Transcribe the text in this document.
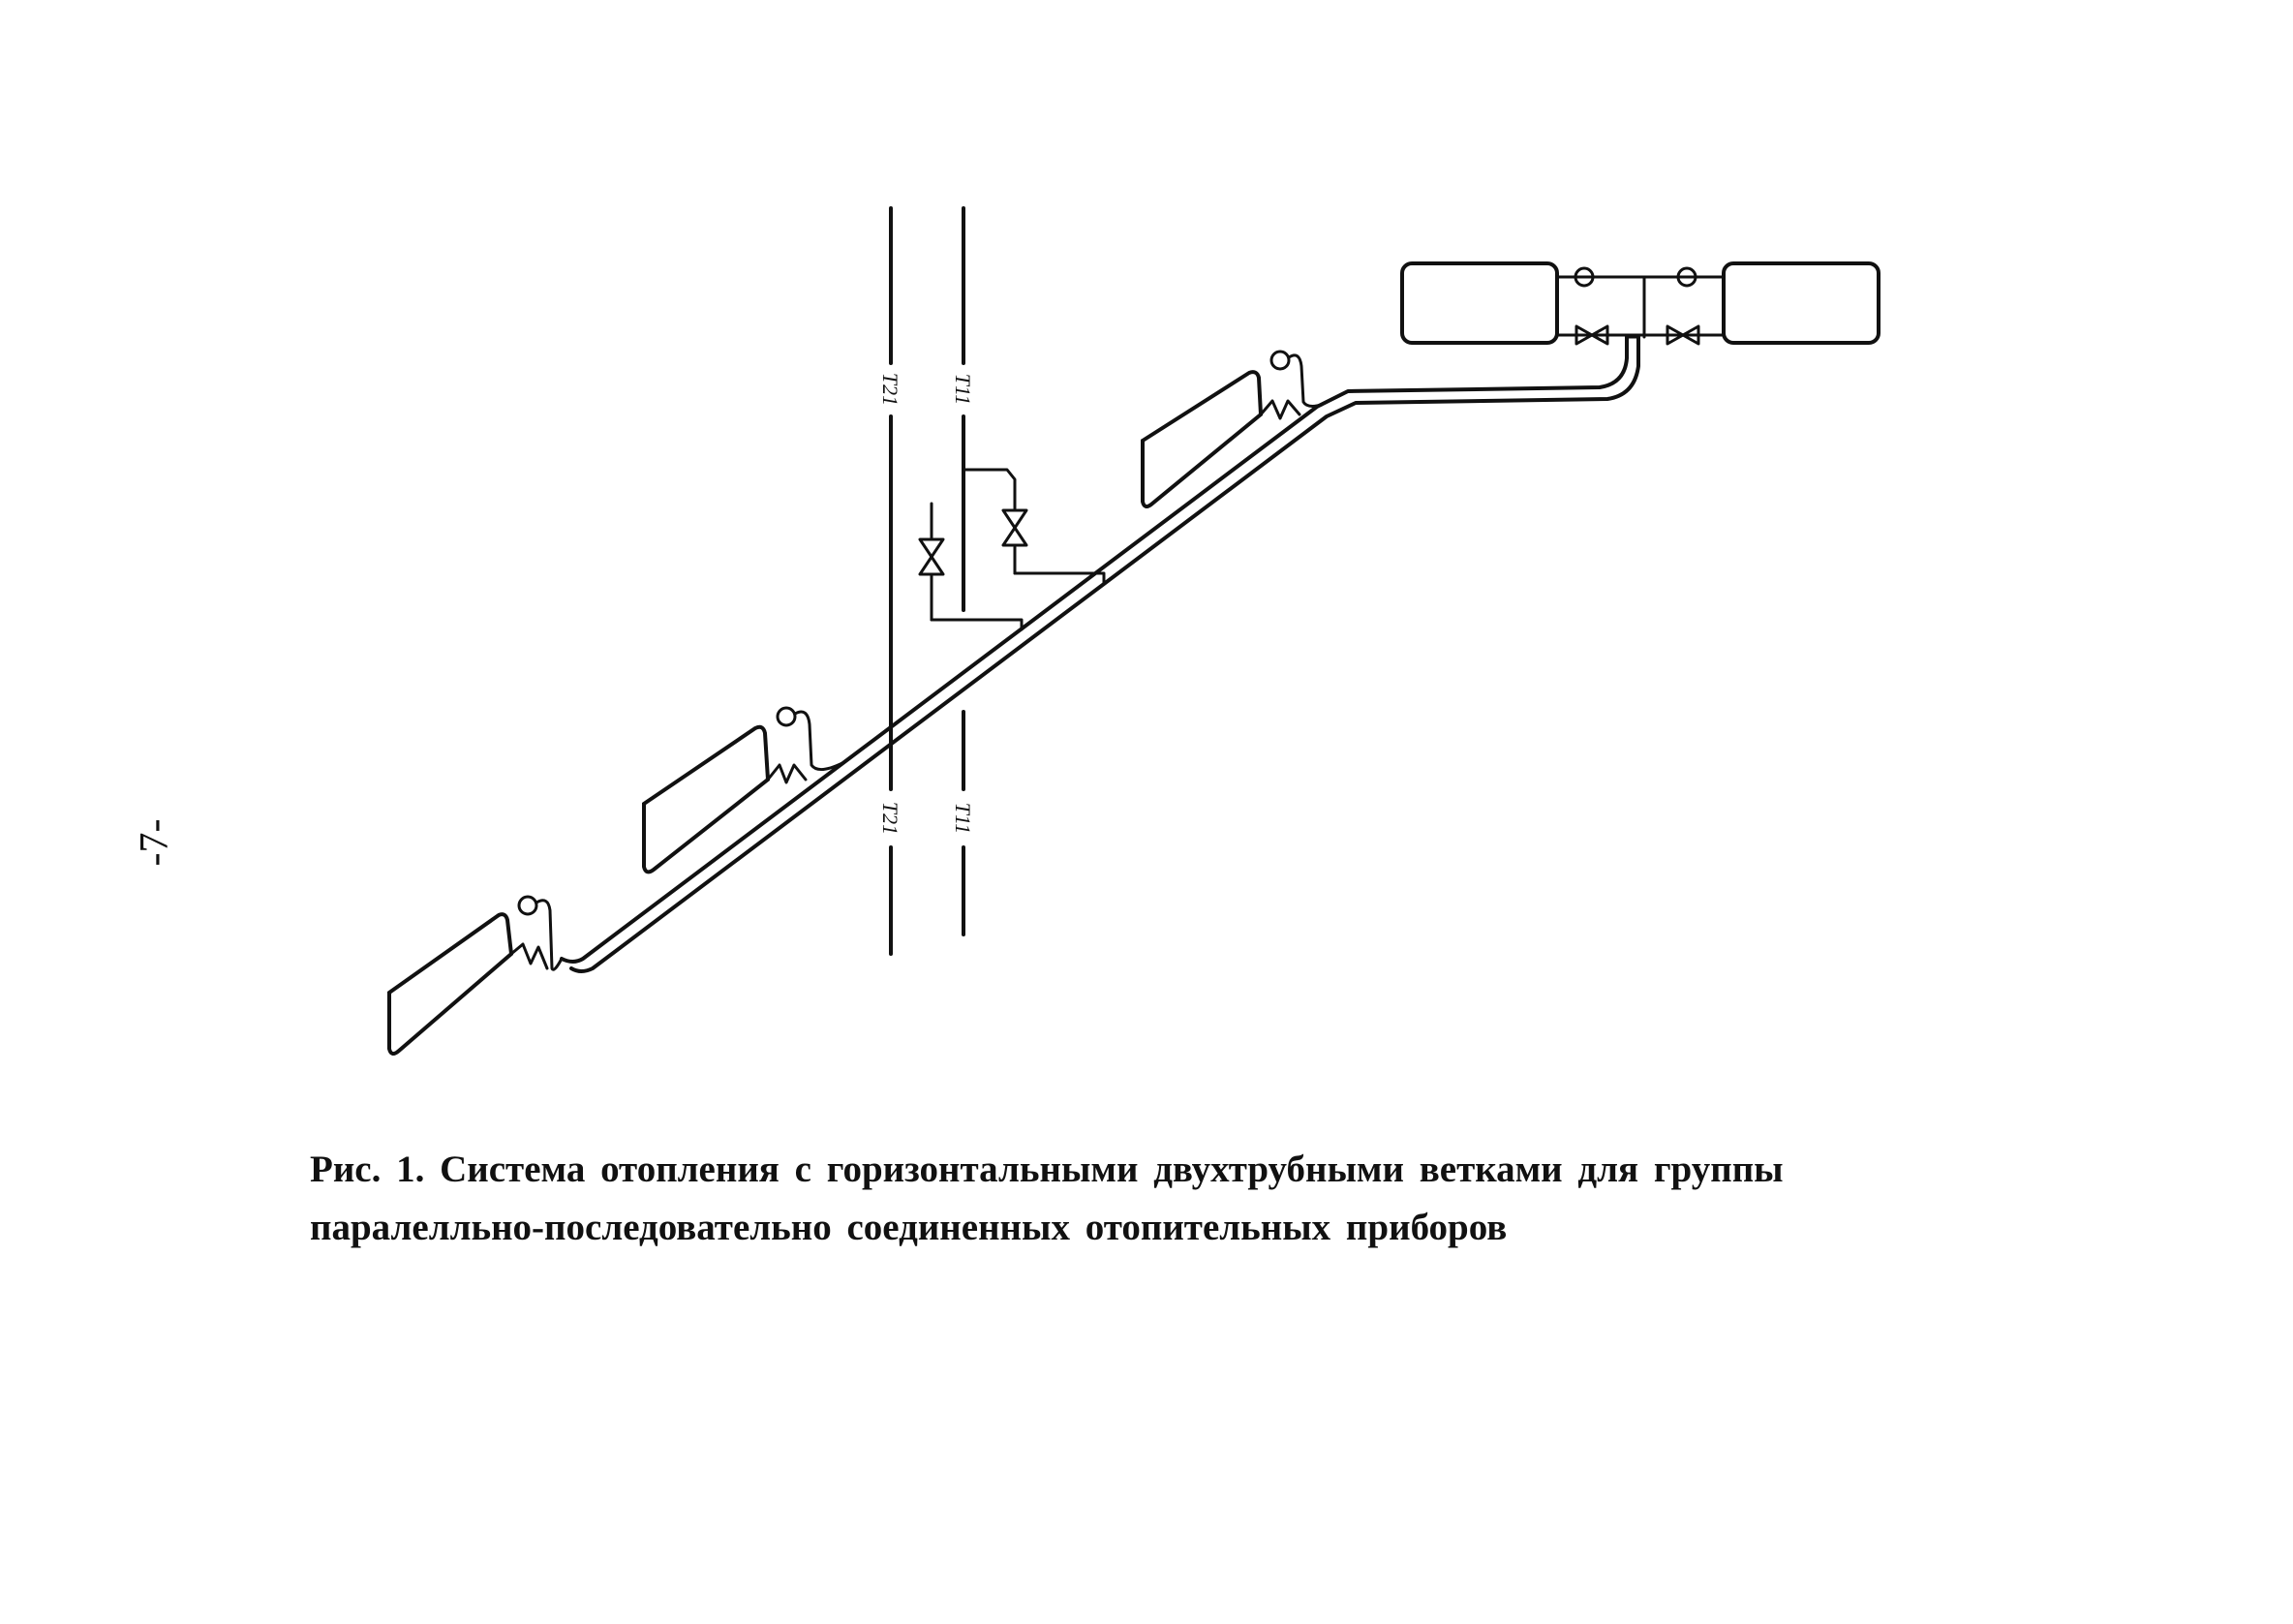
-7-
T21 T11
T21 T11
Рис. 1. Система отопления с горизонтальными двухтрубными ветками для группы
паралелльно-последовательно соединенных отопительных приборов
